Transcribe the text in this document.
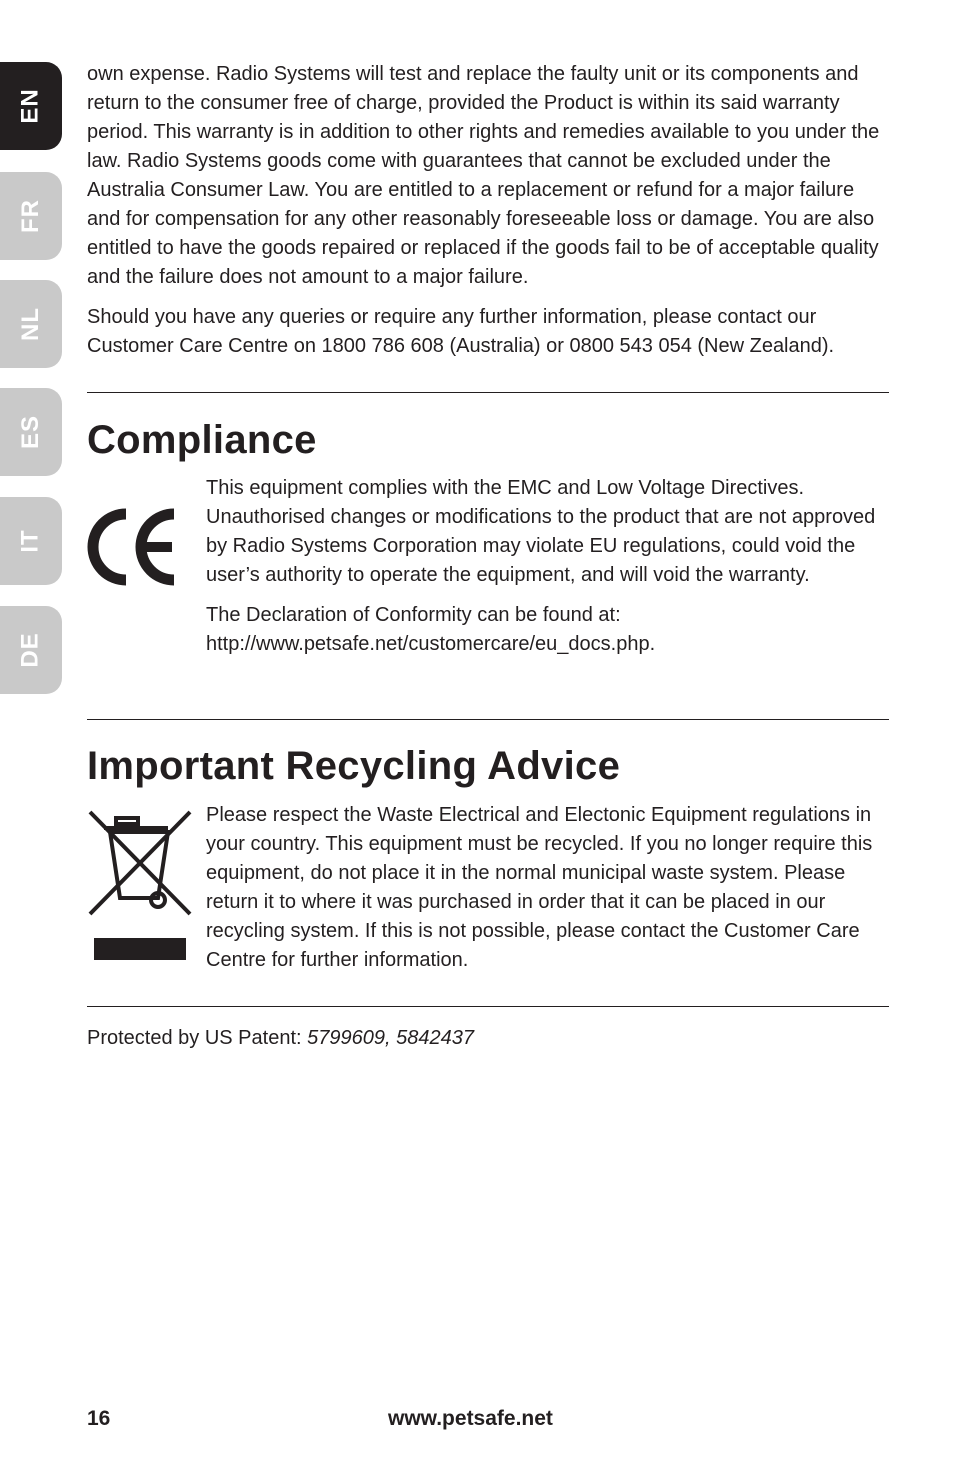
EN
FR
NL
ES
IT
DE

own expense. Radio Systems will test and replace the faulty unit or its components and return to the consumer free of charge, provided the Product is within its said warranty period. This warranty is in addition to other rights and remedies available to you under the law. Radio Systems goods come with guarantees that cannot be excluded under the Australia Consumer Law. You are entitled to a replacement or refund for a major failure and for compensation for any other reasonably foreseeable loss or damage. You are also entitled to have the goods repaired or replaced if the goods fail to be of acceptable quality and the failure does not amount to a major failure.

Should you have any queries or require any further information, please contact our Customer Care Centre on 1800 786 608 (Australia) or 0800 543 054 (New Zealand).

Compliance

This equipment complies with the EMC and Low Voltage Directives. Unauthorised changes or modifications to the product that are not approved by Radio Systems Corporation may violate EU regulations, could void the user’s authority to operate the equipment, and will void the warranty.

The Declaration of Conformity can be found at:
http://www.petsafe.net/customercare/eu_docs.php.

Important Recycling Advice

Please respect the Waste Electrical and Electonic Equipment regulations in your country. This equipment must be recycled. If you no longer require this equipment, do not place it in the normal municipal waste system. Please return it to where it was purchased in order that it can be placed in our recycling system. If this is not possible, please contact the Customer Care Centre for further information.

Protected by US Patent: 5799609, 5842437

16	www.petsafe.net
